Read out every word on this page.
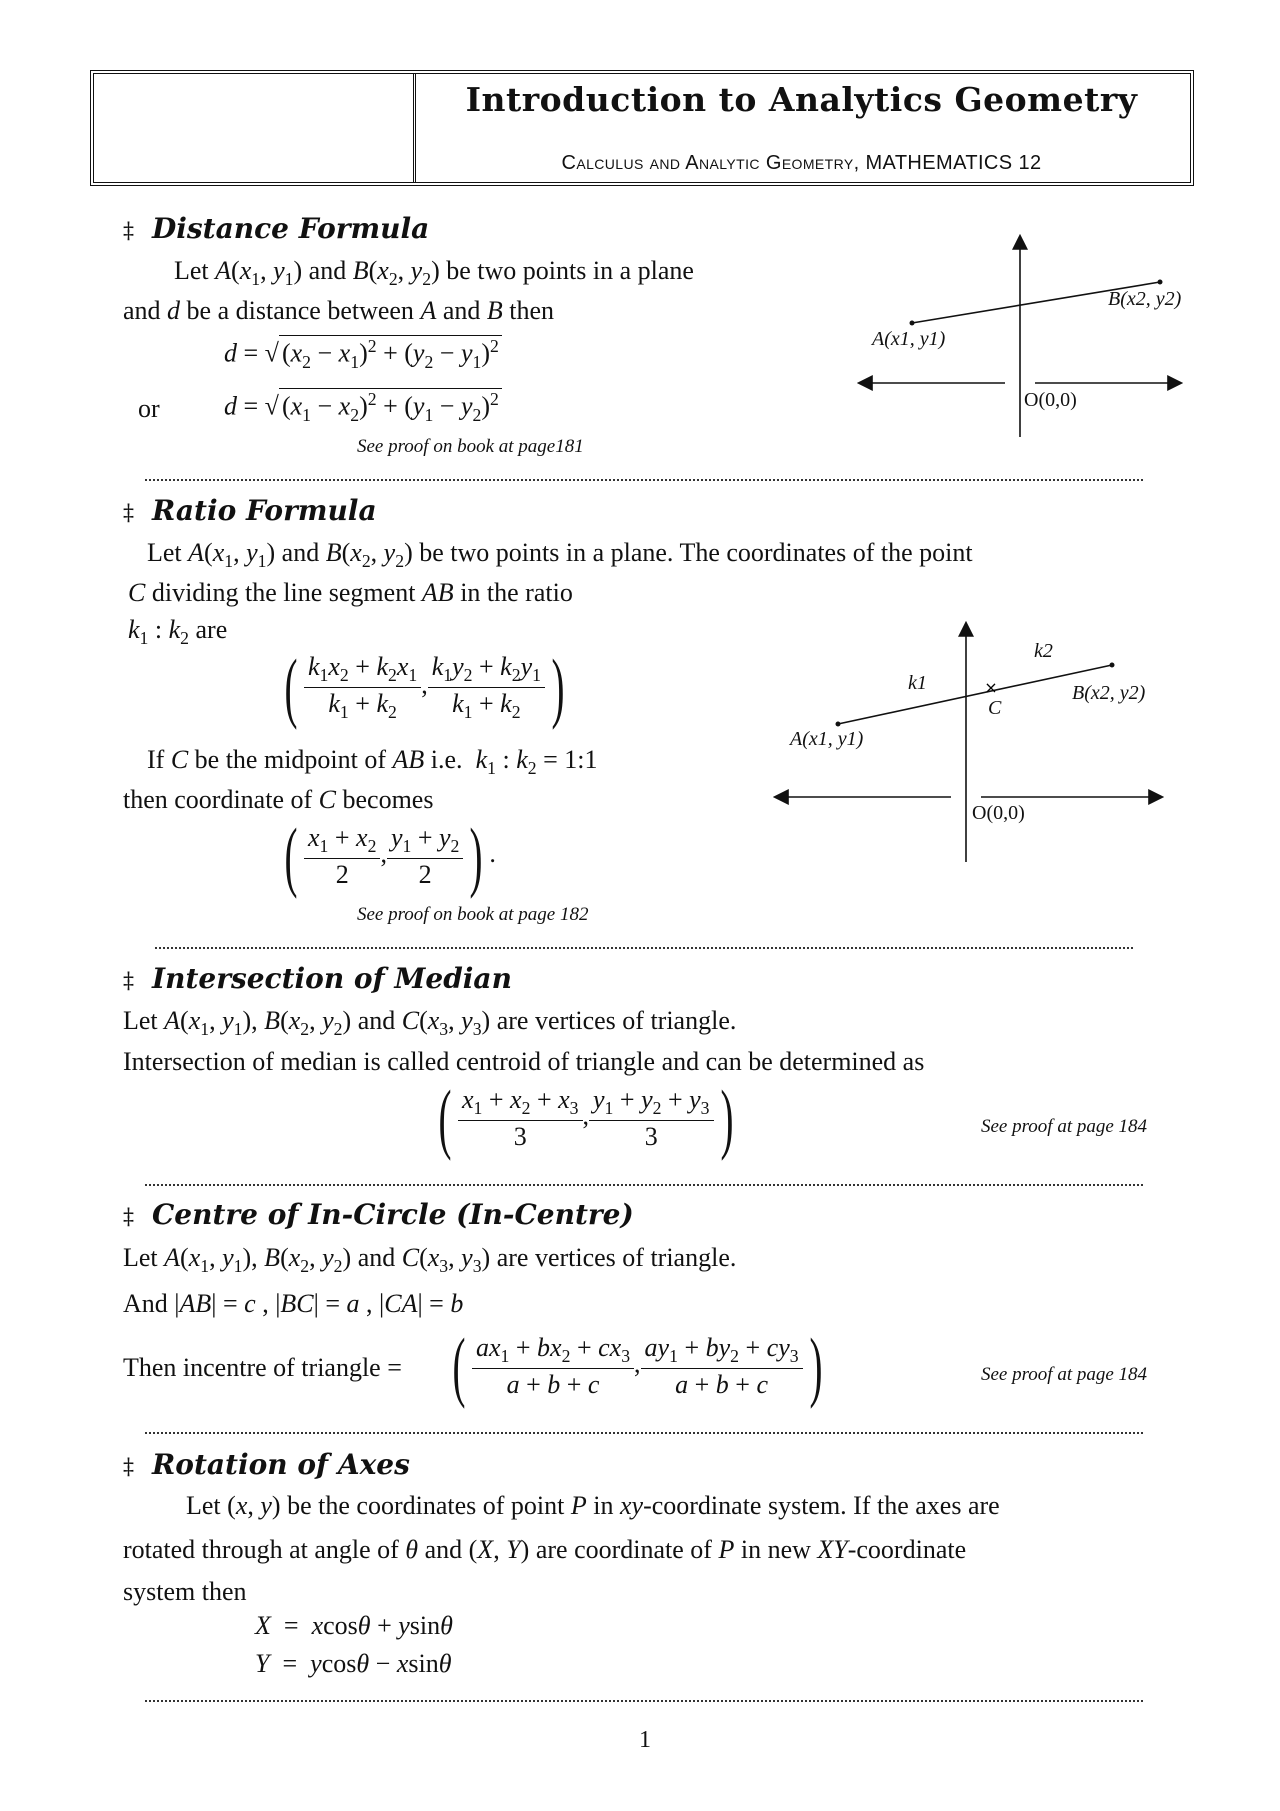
Introduction to Analytics Geometry
Calculus and Analytic Geometry, MATHEMATICS 12
‡ Distance Formula
Let $A(x_1$, $y_1$) and $B(x_2$, $y_2$) be two points in a plane
and d be a distance between A and B then
d = √ $(x_2 - x_1)^2 + (y_2 - y_1)^2$
or d = √ $(x_1 - x_2)^2 + (y_1 - y_2)^2$
See proof on book at page181
A(x1, y1)
B(x2, y2)
O(0,0)
‡ Ratio Formula
Let $A(x_1$, $y_1$) and $B(x_2$, $y_2$) be two points in a plane. The coordinates of the point
C dividing the line segment AB in the ratio
$k_1$ : $k_2$ are
( $\frac{k_1x_2 + k_2x_1}{k_1 + k_2}$ , $\frac{k_1y_2 + k_2y_1}{k_1 + k_2}$ )
If C be the midpoint of AB i.e. $k_1$ : $k_2$ = 1:1
then coordinate of C becomes
( $\frac{x_1 + x_2}{2}$ , $\frac{y_1 + y_2}{2}$ ) .
See proof on book at page 182
×
A(x1, y1)
B(x2, y2)
C
k1
k2
O(0,0)
‡ Intersection of Median
Let $A(x_1$, $y_1$), $B(x_2$, $y_2$) and $C(x_3$, $y_3$) are vertices of triangle.
Intersection of median is called centroid of triangle and can be determined as
( $\frac{x_1 + x_2 + x_3}{3}$ , $\frac{y_1 + y_2 + y_3}{3}$ )	See proof at page 184
‡ Centre of In-Circle (In-Centre)
Let $A(x_1$, $y_1$), $B(x_2$, $y_2$) and $C(x_3$, $y_3$) are vertices of triangle.
And |AB| = c , |BC| = a , |CA| = b
Then incentre of triangle = ( $\frac{ax_1 + bx_2 + cx_3}{a + b + c}$ , $\frac{ay_1 + by_2 + cy_3}{a + b + c}$ )	See proof at page 184
‡ Rotation of Axes
Let (x, y) be the coordinates of point P in xy-coordinate system. If the axes are
rotated through at angle of θ and (X, Y) are coordinate of P in new XY-coordinate
system then
X  =  xcosθ + ysinθ
Y  =  ycosθ − xsinθ
1
